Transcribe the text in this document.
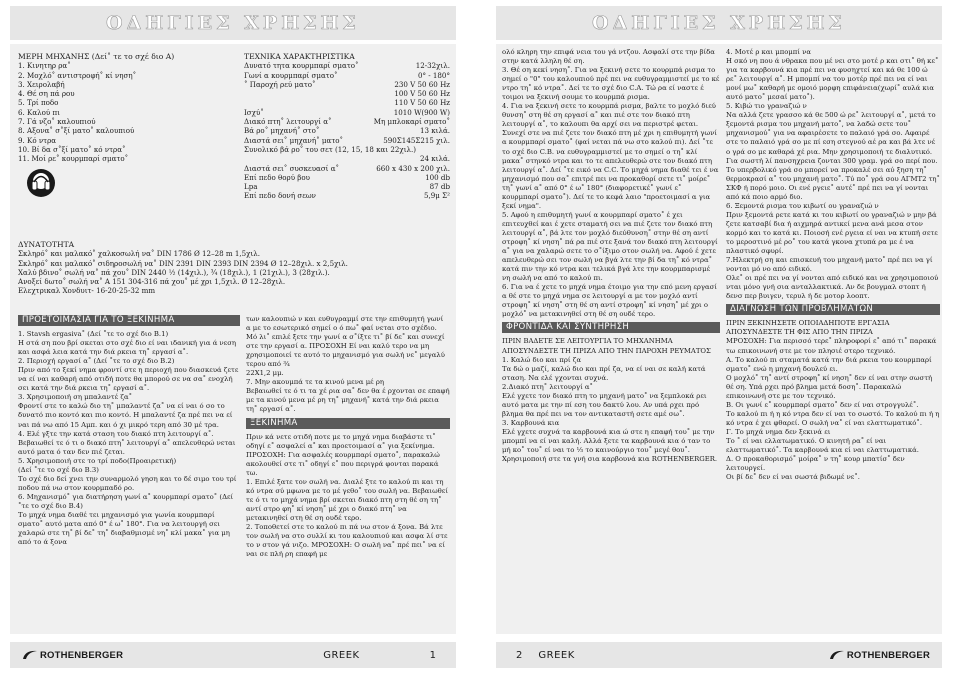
ΟΔΗΓΙΕΣ ΧΡΗΣΗΣ

ΜΕΡΗ ΜΗΧΑΝΗΣ (Δεί˚ τε το σχέ διο Α)

1. Κινητηρ ρα˚

2. Μοχλό˚ αντιστροφή˚ κί νηση˚

3. Χειρολαβή

4. Θέ ση πά ρου

5. Τρί ποδο

6. Καλού πι

7. Γά νζο˚ καλουπιού

8. Αξονα˚ σ˚ξί ματο˚ καλουπιού

9. Κό ντρα

10. Βί δα σ˚ξί ματο˚ κό ντρα˚

11. Μοί ρε˚ κουρμπαρί σματο˚

ΤΕΧΝΙΚΑ ΧΑΡΑΚΤΗΡΙΣΤΙΚΑ

Δυνατό τητα κουρμπαρί σματο˚	12-32χιλ.
Γωνί α κουρμπαρί σματο˚	0° - 180°
˚ Παροχή ρεύ ματο˚	230 V 50 60 Hz
100 V 50 60 Hz
110 V 50 60 Hz
Ισχύ˚	1010 W(900 W)
Διακό πτη˚ λειτουργί α˚	Μη μπλοκαρί σματο˚
Βά ρο˚ μηχανή˚ στο˚	13 κιλά.
Διαστά σει˚ μηχανή˚ ματο˚	590Σ145Σ215 χιλ.
Συνολικό βά ρο˚ του σετ (12, 15, 18 και 22χιλ.)
24 κιλά.
Διαστά σει˚ συσκευασί α˚	660 x 430 x 200 χιλ.
Επί πεδο θορύ βου	100 db
Lpa	87 db
Επί πεδο δονή σεων	5,9μ Σ²

ΔΥΝΑΤΟΤΗΤΑ

Σκληρό˚ και μαλακό˚ χαλκοσωλή να˚ DIN 1786 Ø 12–28 m 1,5χιλ.

Σκληρό˚ και μαλακό˚ σιδηροσωλή να˚ DIN 2391 DIN 2393 DIN 2394 Ø 12–28χιλ. x 2,5χιλ.

Χαλύ βδινο˚ σωλή να˚ πά χου˚ DIN 2440 ½ (14χιλ.), ¾ (18χιλ.), 1 (21χιλ.), 3 (28χιλ.).

Ανοξεί δωτο˚ σωλή να˚ A 151 304-316 πά χου˚ μέ χρι 1,5χιλ. Ø 12–28χιλ.

Ελεχτρικαλ Χονδυιτ- 16-20-25-32 mm

ΠΡΟΕΤΟΙΜΑΣΙΑ ΓΙΑ ΤΟ ΞΕΚΙΝΗΜΑ

1. Stavsh ergasiva˚ (Δεί ˚τε το σχέ διο Β.1)

Η στά ση που βρί σκεται στο σχέ διο εί ναι ιδανική για ά νεση και ασφά λεια κατά την διά ρκεια τη˚ εργασί α˚.

2. Περιοχή εργασί α˚ (Δεί ˚τε το σχέ διο Β.2)

Πριν από το ξεκί νημα φροντί στε η περιοχή που διασκευά ζετε να εί ναι καθαρή από οτιδή ποτε θα μπορού σε να σα˚ ενοχλή σει κατά την διά ρκεια τη˚ εργασί α˚.

3. Χρησιμοποιή ση μπαλαντέ ζα˚

Φροντί στε το καλώ διο τη˚ μπαλαντέ ζα˚ να εί ναι ό σο το δυνατό πιο κοντό και πιο κοντό. Η μπαλαντέ ζα πρέ πει να εί ναι πά νω από 15 Αμπ. και ό χι μικρό τερη από 30 μέ τρα.

4. Ελέ γξτε την κατά σταση του διακό πτη λειτουργί α˚. Βεβαιωθεί τε ό τι ο διακό πτη˚ λειτουργί α˚ απελευθερώ νεται αυτό ματα ό ταν δεν πιέ ζεται.

5. Χρησιμοποιή στε το τρί ποδο(Προαιρετική)

(Δεί ˚τε το σχέ διο Β.3)

Το σχέ διο δεί χνει την συναρμολό γηση και το δέ σιμο του τρί ποδου πά νω στον κουρμπαδό ρο.

6. Μηχανισμό˚ για διατήρηση γωνί α˚ κουρμπαρί σματο˚ (Δεί ˚τε το σχέ διο Β.4)

Το μηχά νημα διαθέ τει μηχανισμό για γωνία κουρμπαρί σματο˚ αυτό ματα από 0° έ ω˚ 180°. Για να λειτουργή σει χαλαρώ στε τη˚ βί δε˚ τη˚ διαβαθμισμέ νη˚ κλί μακα˚ για μη από το ά ξονα

των καλουπιώ ν και ευθυγραμμί στε την επιθυμητή γωνί α με το εσωτερικό σημεί ο ό πω˚ φαί νεται στο σχέδιο. Μό λι˚ επιλέ ξετε την γωνί α σ˚ίξτε τι˚ βί δε˚ και συνεχί στε την εργασί α. ΠΡΟΣΟΧΗ Εί ναι καλύ τερο να μη χρησιμοποιεί τε αυτό το μηχανισμό για σωλή νε˚ μεγαλύ τερου από ¾

22Χ1,2 μμ.

7. Μην ακουμπά τε τα κινού μενα μέ ρη

Βεβαιωθεί τε ό τι τα χέ ρια σα˚ δεν θα έ ρχονται σε επαφή με τα κινού μενα μέ ρη τη˚ μηχανή˚ κατά την διά ρκεια τη˚ εργασί α˚.

ΞΕΚΙΝΗΜΑ

Πριν κά νετε οτιδή ποτε με το μηχά νημα διαβάστε τι˚ οδηγί ε˚ ασφαλεί α˚ και προετοιμασί α˚ για ξεκίνημα.

ΠΡΟΣΟΧΗ: Για ασφαλές κουρμπαρί σματο˚, παρακαλώ ακολουθεί στε τι˚ οδηγί ε˚ που περιγρά φονται παρακά τω.

1. Επιλέ ξατε τον σωλή να. Διαλέ ξτε το καλού πι και τη κό ντρα σύ μφωνα με το μέ γεθο˚ του σωλή να. Βεβαιωθεί τε ό τι το μηχά νημα βρί σκεται διακό πτη στη θέ ση τη˚ αντί στρο φη˚ κί νηση˚ μέ χρι ο διακό πτη˚ να μετακινηθεί στη θέ ση ουδέ τερο.

2. Τοποθετεί στε το καλού πι πά νω στον ά ξονα. Βά λτε τον σωλή να στο συλλί κι του καλουπιού και ασφα λί στε το ν στον γά νιζο. ΜΡΟΣΟΧΗ: Ο σωλή να˚ πρέ πει˚ να εί ναι σε πλή ρη επαφή με

ROTHENBERGER	GREEK	1
ΟΔΗΓΙΕΣ ΧΡΗΣΗΣ

ολό κληρη την επιφά νεια του γά ντζου. Ασφαλί στε την βίδα στην κατά λληλη θέ ση.

3. Θέ ση κεκί νηση˚. Για να ξεκινή σετε το κουρμπά ρισμα το σημεί ο "0" του καλουπιού πρέ πει να ευθυγραμμιστεί με το κέ ντρο τη˚ κό ντρα˚. Δεί τε το σχέ διο C.A. Τώ ρα εί ναστε έ τοιμοι να ξεκινή σουμε το κουρμπά ρισμα.

4. Για να ξεκινή σετε το κουρμπά ρισμα, βαλτε το μοχλό διεύ θυνση˚ στη θέ ση εργασί α˚ και πιέ στε τον διακό πτη λειτουργί α˚, το καλουπι θα αρχί σει να περιστρέ φεται. Συνεχί στε να πιέ ζετε τον διακό πτη μέ χρι η επιθυμητή γωνί α κουρμπαρί σματο˚ (φαί νεται πά νω στο καλού πι). Δεί ˚τε το σχέ διο C.B. να ευθυγραμμιστεί με το σημεί ο τη˚ κλί μακα˚ στηνκό ντρα και το τε απελευθερώ στε τον διακό πτη λειτουργί α˚. Δεί ˚τε εικό να C.C. Το μηχά νημα διαθέ τει έ να μηχανισμό που σα˚ επιτρέ πει να προκαθορί σετε τι˚ μοίρε˚ τη˚ γωνί α˚ από 0° έ ω˚ 180° (διαφορετικέ˚ γωνί ε˚ κουρμπαρί σματο˚). Δεί τε το κεφά λαιο "προετοιμασί α για ξεκί νημα".

5. Αφού η επιθυμητή γωνί α κουρμπαρί σματο˚ έ χει επιτευχθεί και έ χετε σταματή σει να πιέ ζετε τον διακό πτη λειτουργί α˚, βά λτε τον μοχλό διεύθυνση˚ στην θέ ση αντί στροφη˚ κί νηση˚ πά ρα πιέ στε ξανά τον διακό πτη λειτουργί α˚ για να χαλαρώ σετε το σ˚ίξιμο στον σωλή να. Αφού έ χετε απελευθερώ σει τον σωλή να βγά λτε την βί δα τη˚ κό ντρα˚ κατά πιν την κό ντρα και τελικά βγά λτε την κουρμπαρισμέ νη σωλή να από το καλού πι.

6. Για να έ χετε το μηχά νημα έτοιμο για την επό μενη εργασί α θέ στε το μηχά νημα σε λειτουργί α με τον μοχλό αντί στροφη˚ κί νηση˚ στη θέ ση αντί στροφη˚ κί νηση˚ μέ χρι ο μοχλό˚ να μετακινηθεί στη θέ ση ουδέ τερο.

ΦΡΟΝΤΙΔΑ ΚΑΙ ΣΥΝΤΗΡΗΣΗ

ΠΡΙΝ ΒΑΔΕΤΕ ΣΕ ΛΕΙΤΟΥΡΓΙΑ ΤΟ ΜΗΧΑΝΗΜΑ ΑΠΟΣΥΝΔΕΣΤΕ ΤΗ ΠΡΙΖΑ ΑΠΟ ΤΗΝ ΠΑΡΟΧΗ ΡΕΥΜΑΤΟΣ

1. Καλώ διο και πρί ζα

Τα δώ ο μαζί, καλώ διο και πρί ζα, να εί ναι σε καλή κατά σταση. Να ελέ γχονται συχνά.

2.Διακό πτη˚ λειτουργί α˚

Ελέ γχετε τον διακό πτη το μηχανή ματο˚ να ξεμπλοκά ρει αυτό ματα με την πί εση του δακτύ λου. Αν υπά ρχει πρό βλημα θα πρέ πει να τον αντικαταστή σετε αμέ σω˚.

3. Καρβουνά κια

Ελέ γχετε συχνά τα καρβουνά κια ώ στε η επαφή του˚ με την μπομπί να εί ναι καλή. Αλλά ξετε τα καρβουνά κια ό ταν το μή κο˚ του˚ εί ναι το ⅓ το καινούργιο του˚ μεγέ θου˚. Χρησιμοποιή στε τα γνή σια καρβουνά κια ROTHENBERGER.

4. Μοτέ ρ και μπομπί να

Η σκό νη που ά νθρακα που μέ νει στο μοτέ ρ και στι˚ θή κε˚ για τα καρβουνά κια πρέ πει να φυσηχτεί και κά θε 100 ώ ρε˚ λειτουργί α˚. Η μπομπί να του μοτέρ πρέ πει να εί ναι μονί μω˚ καθαρή με ομοιό μορφη επιφάνεια(χωρί˚ αυλά κια αυτό ματο˚ μεσαί ματο˚).

5. Κιβώ τιο γραναζιώ ν

Να αλλά ζετε γρασσο κά θε 500 ώ ρε˚ λειτουργί α˚, μετά το ξεμοντά ρισμα του μηχανή ματο˚, να λαδώ σετε του˚ μηχανισμού˚ για να αφαιρέσετε το παλαιό γρά σο. Αφαιρέ στε το παλαιό γρά σο με πί εση στεγνού αέ ρα και βά λτε νέ ο γρά σο με καθαρά χέ ρια. Μην χρησιμοποιή τε διαλυτικό. Για σωστή λί πανσηχρεια ζονται 300 γραμ. γρά σο περί που. Το υπερβολικό γρά σο μπορεί να προκαλέ σει αύ ξηση τη˚ θερμοκρασί α˚ του μηχανή ματο˚. Τύ πο˚ γρά σου ΑΓΜΤ2 τη˚ ΣΚΦ ή πορό μοιο. Οι ενέ ργειε˚ αυτέ˚ πρέ πει να γί νονται από κά ποιο αρμό διο.

6. Ξεμοντά ρισμα του κιβωτί ου γραναζιώ ν

Πριν ξεμοντά ρετε κατά κι του κιβωτί ου γραναζιώ ν μην βά ζετε κατσαβί δια ή αιχμηρά αντικεί μενα ανά μεσα στον κορμό και το κατά κι. Ποιοσή ενέ ργεια εί ναι να κτυπή σετε το μεροστινό μέ ρο˚ του κατά γκονα χτυπά ρα με έ να πλαστικό σφυρί.

7.Ηλεκτρή ση και επισκευή του μηχανή ματο˚ πρέ πει να γί νονται μό νο από ειδικό.

Ολε˚ οι πρέ πει να γί νονται από ειδικό και να χρησιμοποιού νται μόνο γνή σια ανταλλακτικά. Αν δε βουγμαλ στοπτ ή δενσ περ βυιγεν, τερυλ ή δε μοτορ λοοπτ.

ΔΙΑΓΝΩΣΗ ΤΩΝ ΠΡΟΒΛΗΜΑΤΩΝ

ΠΡΙΝ ΞΕΚΙΝΗΣΕΤΕ ΟΠΟΙΑΔΗΠΟΤΕ ΕΡΓΑΣΙΑ ΑΠΟΣΥΝΔΕΣΤΕ ΤΗ ΦΙΣ ΑΠΟ ΤΗΝ ΠΡΙΖΑ

ΜΡΟΣΟΧΗ: Για περισσό τερε˚ πληροφορί ε˚ από τι˚ παρακά τω επικοινωνή στε με τον πλησιέ στερο τεχνικό.

Α. Το καλού πι σταματά κατά την διά ρκεια του κουρμπαρί σματο˚ ενώ η μηχανή δουλεύ ει.

Ο μοχλό˚ τη˚ αντί στροφη˚ κί νηση˚ δεν εί ναι στην σωστή θέ ση. Υπά ρχει πρό βλημα μετά δοση˚. Παρακαλώ επικοινωνή στε με τον τεχνικό.

Β. Οι γωνί ε˚ κουρμπαρί σματο˚ δεν εί ναι στρογγυλέ˚.

Το καλού πι ή η κό ντρα δεν εί ναι το σωστό. Το καλού πι ή η κό ντρα έ χει φθαρεί. Ο σωλή να˚ εί ναι ελαττωματικό˚.

Γ. Το μηχά νημα δεν ξεκινά ει

Το ˚ εί ναι ελλατωματικό. Ο κινητή ρα˚ εί ναι ελαττωματικό˚. Τα καρβουνά κια εί ναι ελαττωματικά.

Δ. Ο προκαθορισμό˚ μοίρα˚ ν τη˚ κουρ μπατίσ˚ δεν λειτουργεί.

Οι βί δε˚ δεν εί ναι σωστά βιδωμέ νε˚.

2 GREEK	ROTHENBERGER
